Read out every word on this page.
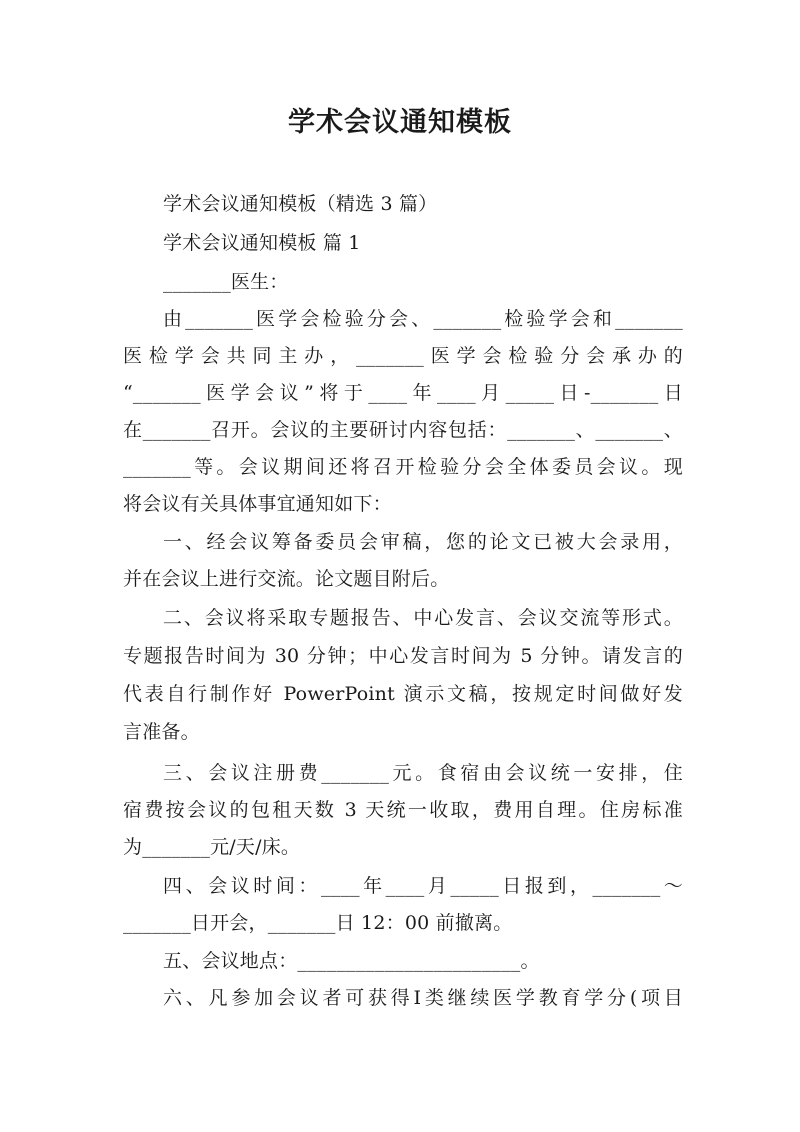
学术会议通知模板
学术会议通知模板（精选 3 篇）
学术会议通知模板 篇 1
_______医生：
由_______医学会检验分会、_______检验学会和_______
医检学会共同主办，_______医学会检验分会承办的
“_______医学会议”将于____年____月_____日-_______日
在_______召开。会议的主要研讨内容包括：_______、_______、
_______等。会议期间还将召开检验分会全体委员会议。现
将会议有关具体事宜通知如下：
一、经会议筹备委员会审稿，您的论文已被大会录用，
并在会议上进行交流。论文题目附后。
二、会议将采取专题报告、中心发言、会议交流等形式。
专题报告时间为 30 分钟；中心发言时间为 5 分钟。请发言的
代表自行制作好 PowerPoint 演示文稿，按规定时间做好发
言准备。
三、会议注册费_______元。食宿由会议统一安排，住
宿费按会议的包租天数 3 天统一收取，费用自理。住房标准
为_______元/天/床。
四、会议时间：____年____月_____日报到，_______～
_______日开会，_______日 12：00 前撤离。
五、会议地点：_______________________。
六、凡参加会议者可获得Ⅰ类继续医学教育学分(项目
